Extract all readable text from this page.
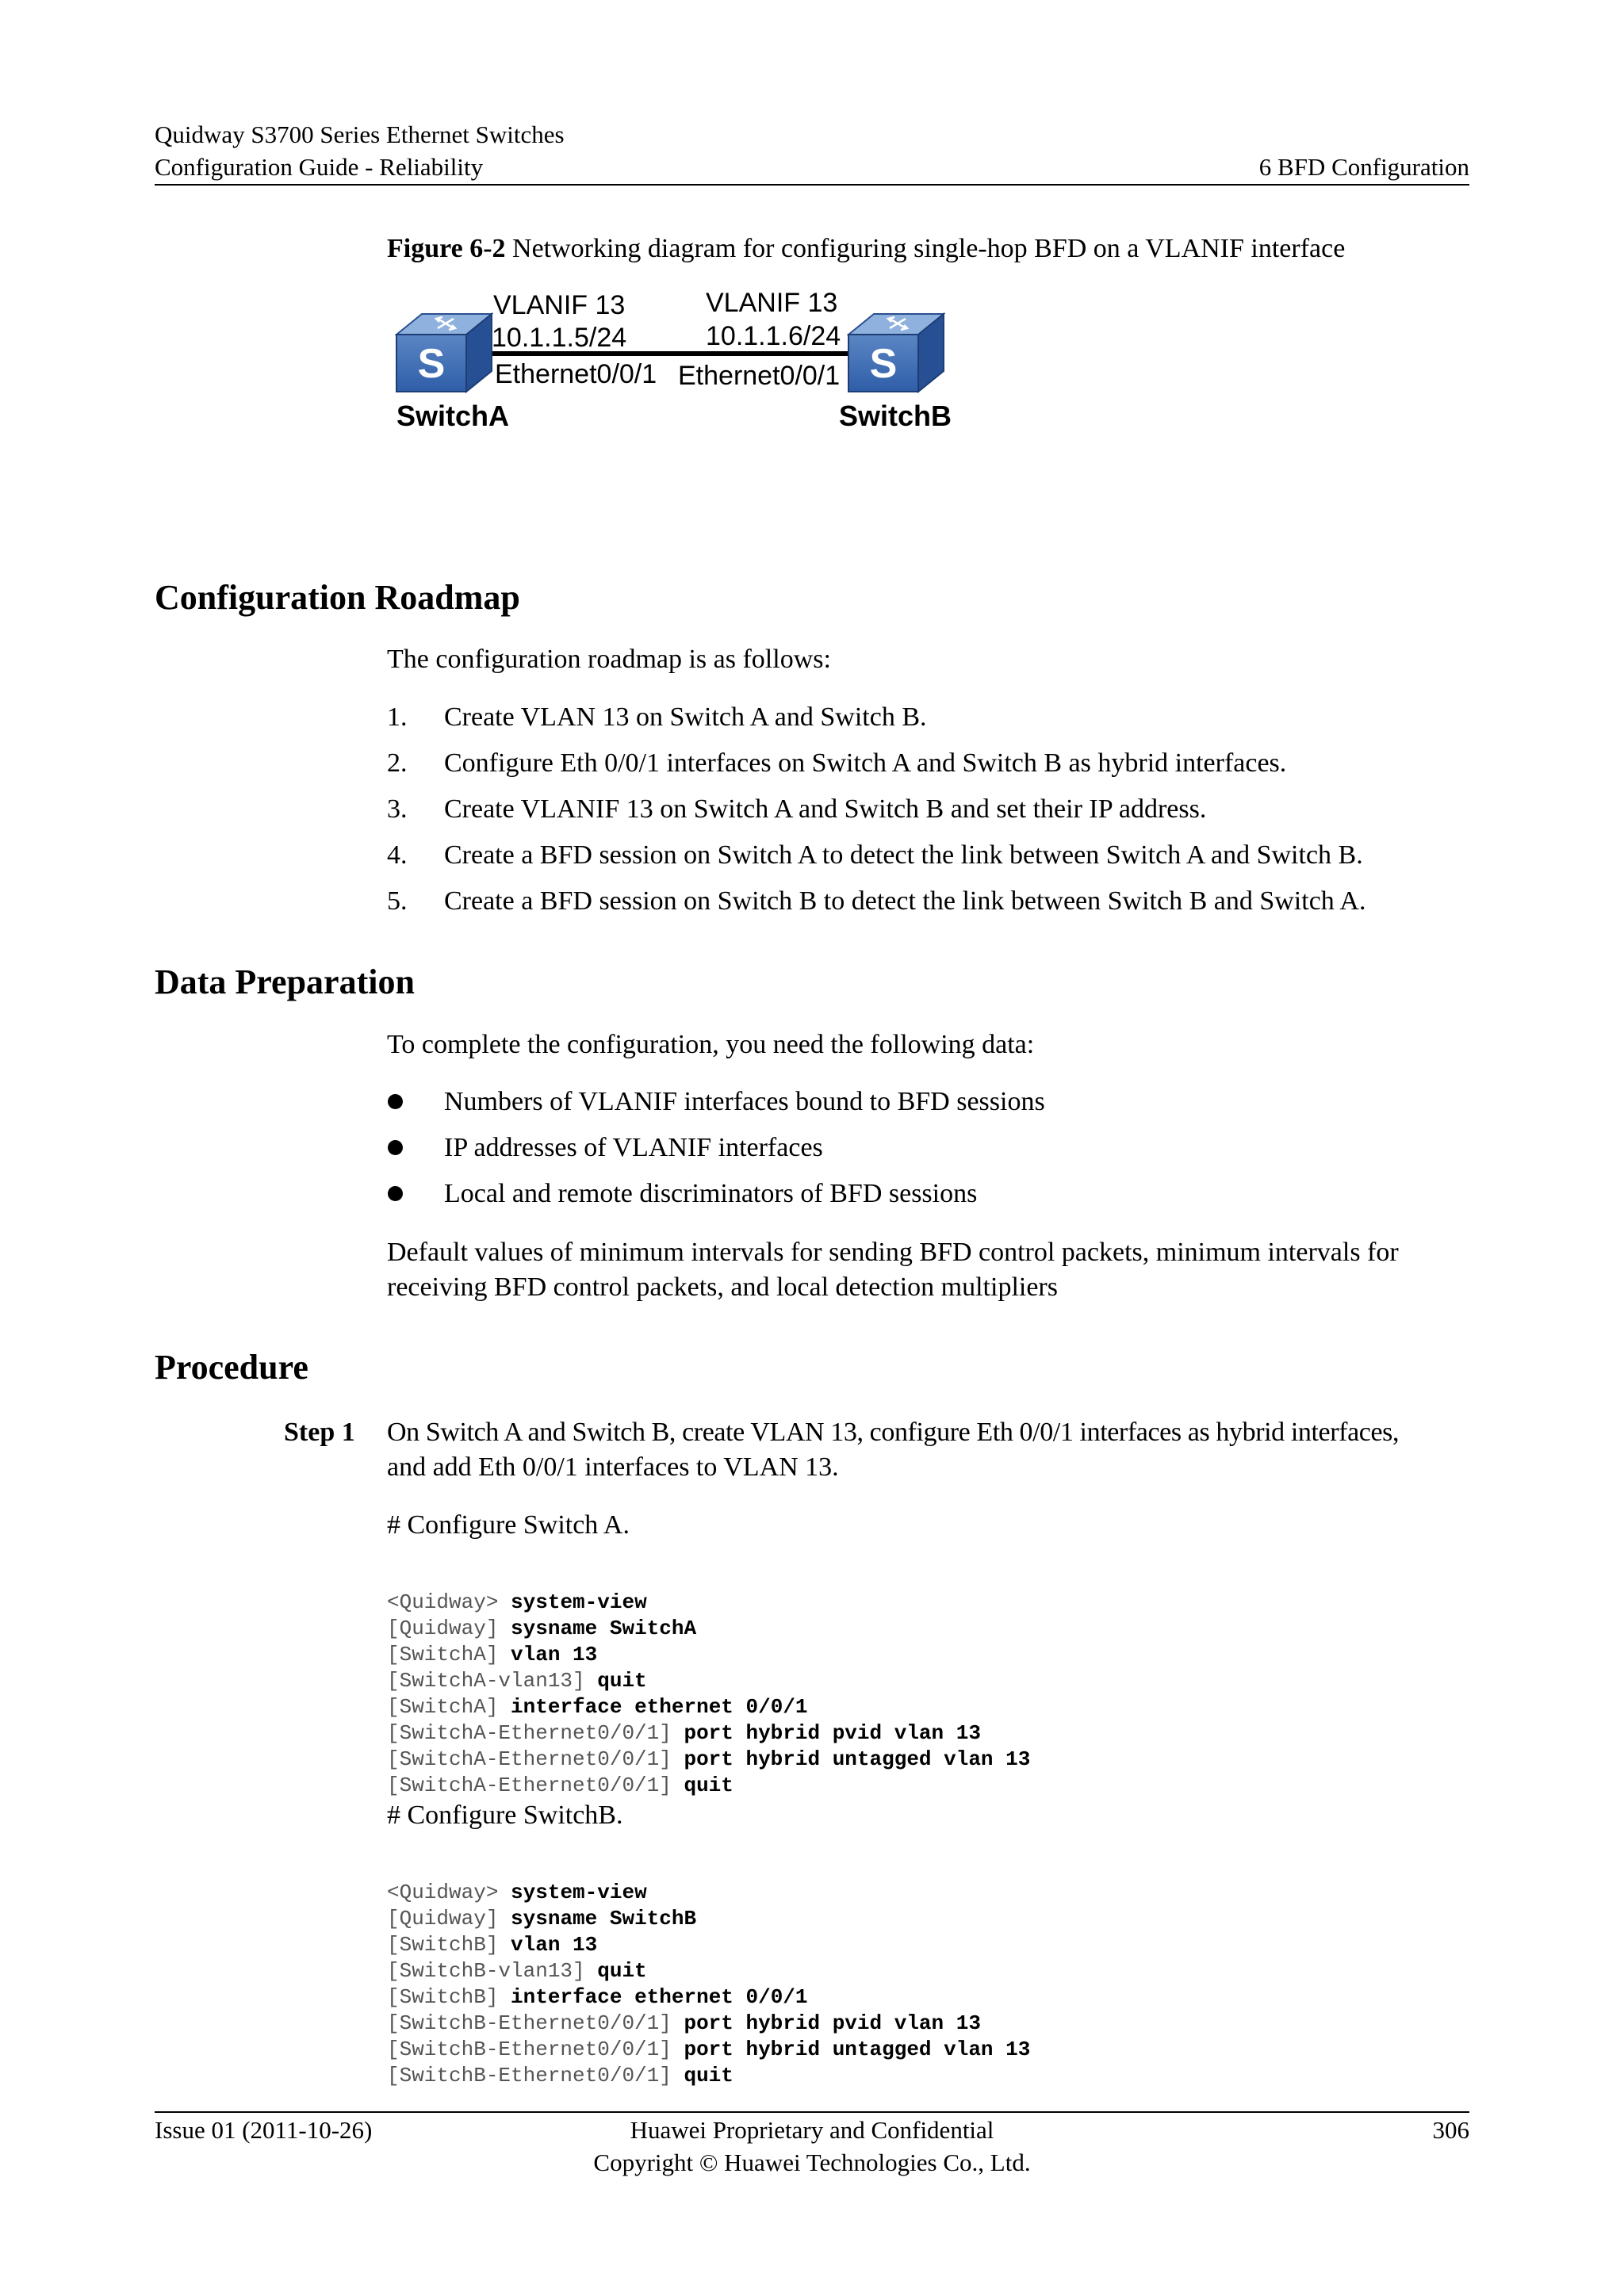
Quidway S3700 Series Ethernet Switches
Configuration Guide - Reliability	6 BFD Configuration
Figure 6-2 Networking diagram for configuring single-hop BFD on a VLANIF interface
S	S
VLANIF 13
10.1.1.5/24
Ethernet0/0/1
SwitchA
VLANIF 13
10.1.1.6/24
Ethernet0/0/1
SwitchB
Configuration Roadmap
The configuration roadmap is as follows:
1. Create VLAN 13 on Switch A and Switch B.
2. Configure Eth 0/0/1 interfaces on Switch A and Switch B as hybrid interfaces.
3. Create VLANIF 13 on Switch A and Switch B and set their IP address.
4. Create a BFD session on Switch A to detect the link between Switch A and Switch B.
5. Create a BFD session on Switch B to detect the link between Switch B and Switch A.
Data Preparation
To complete the configuration, you need the following data:
Numbers of VLANIF interfaces bound to BFD sessions
IP addresses of VLANIF interfaces
Local and remote discriminators of BFD sessions
Default values of minimum intervals for sending BFD control packets, minimum intervals for
receiving BFD control packets, and local detection multipliers
Procedure
Step 1 On Switch A and Switch B, create VLAN 13, configure Eth 0/0/1 interfaces as hybrid interfaces,
and add Eth 0/0/1 interfaces to VLAN 13.
# Configure Switch A.

<Quidway> system-view
[Quidway] sysname SwitchA
[SwitchA] vlan 13
[SwitchA-vlan13] quit
[SwitchA] interface ethernet 0/0/1
[SwitchA-Ethernet0/0/1] port hybrid pvid vlan 13
[SwitchA-Ethernet0/0/1] port hybrid untagged vlan 13
[SwitchA-Ethernet0/0/1] quit

# Configure SwitchB.

<Quidway> system-view
[Quidway] sysname SwitchB
[SwitchB] vlan 13
[SwitchB-vlan13] quit
[SwitchB] interface ethernet 0/0/1
[SwitchB-Ethernet0/0/1] port hybrid pvid vlan 13
[SwitchB-Ethernet0/0/1] port hybrid untagged vlan 13
[SwitchB-Ethernet0/0/1] quit

Issue 01 (2011-10-26)	Huawei Proprietary and Confidential
Copyright © Huawei Technologies Co., Ltd.
306
